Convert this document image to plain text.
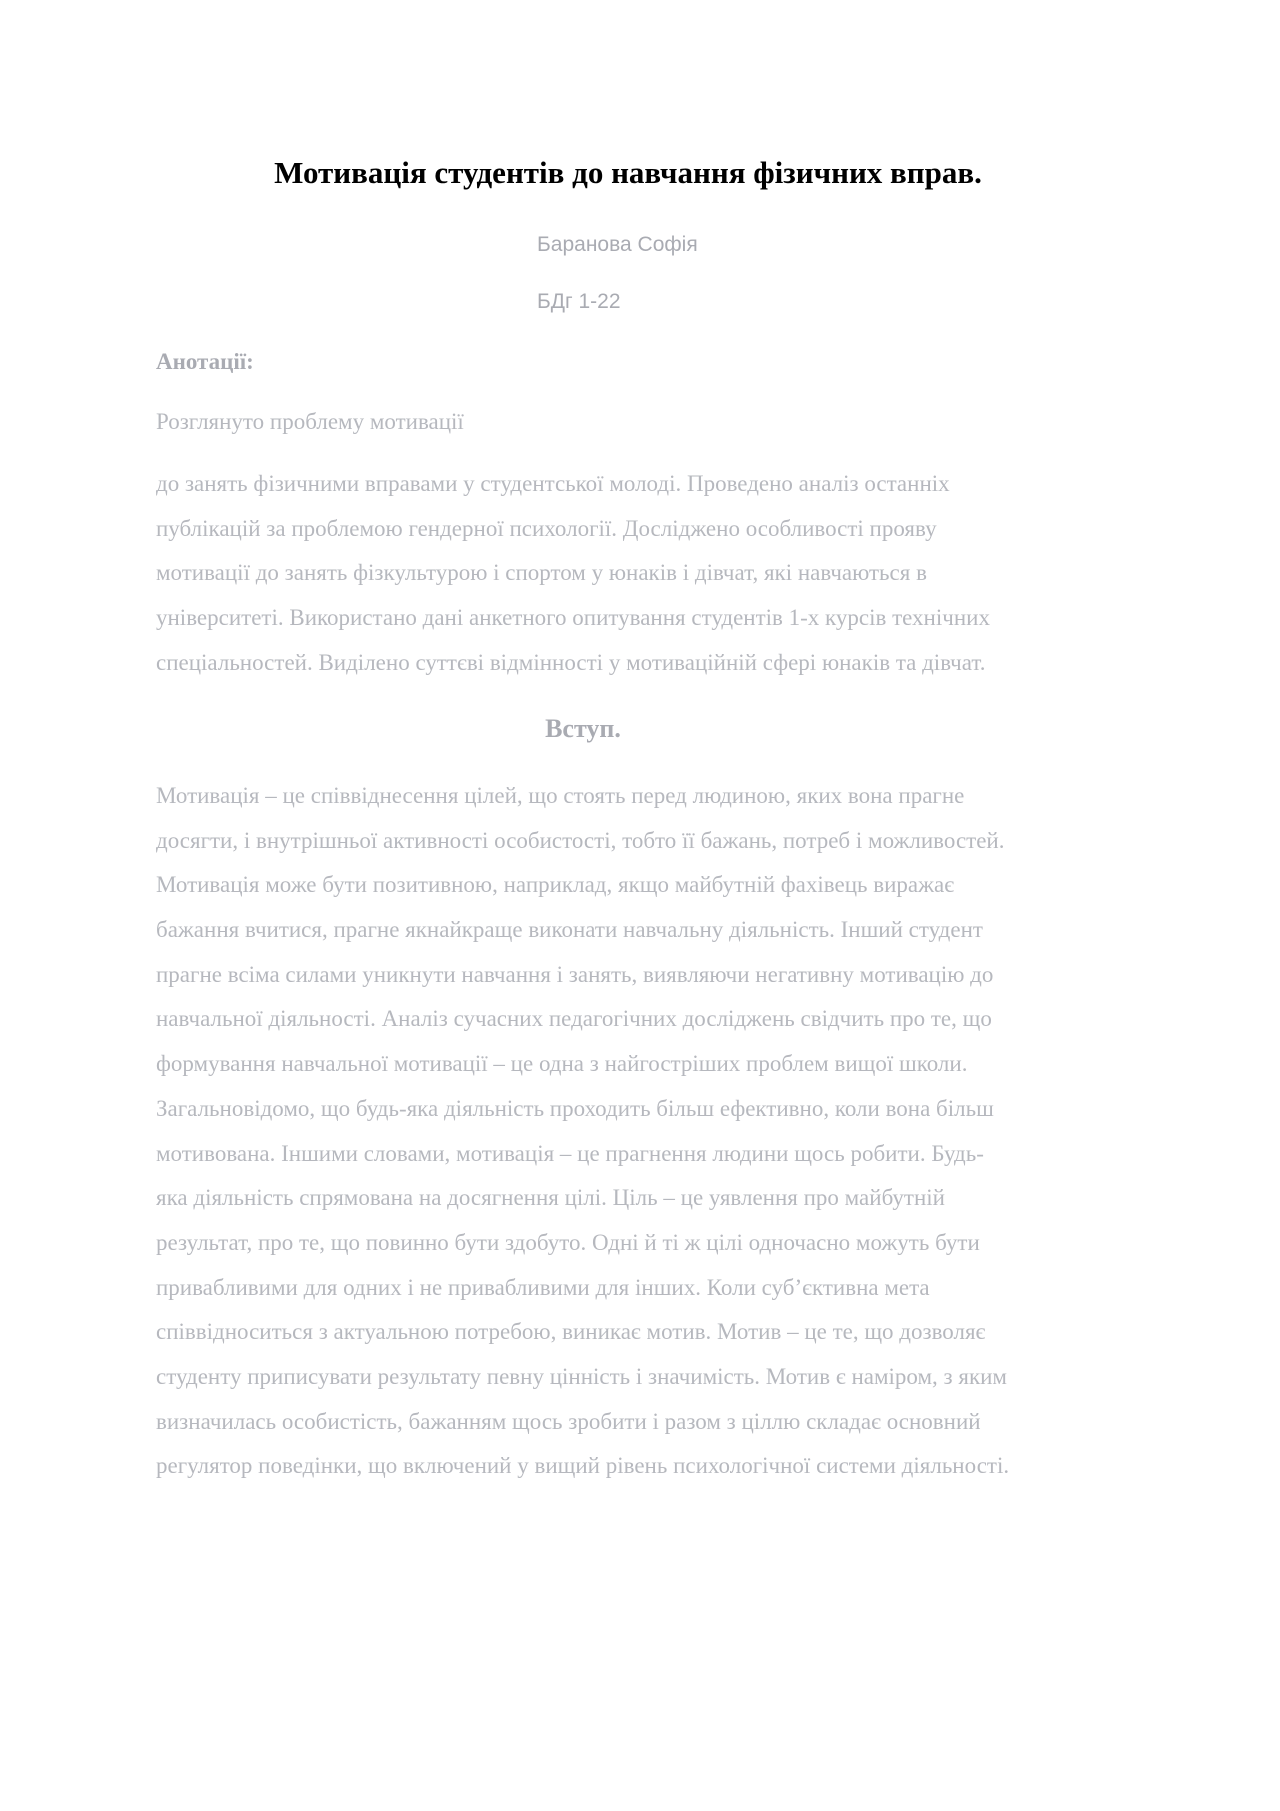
Мотивація студентів до навчання фізичних вправ.

Баранова Софія

БДг 1-22

Анотації:

Розглянуто проблему мотивації

до занять фізичними вправами у студентської молоді. Проведено аналіз останніх
публікацій за проблемою гендерної психології. Досліджено особливості прояву
мотивації до занять фізкультурою і спортом у юнаків і дівчат, які навчаються в
університеті. Використано дані анкетного опитування студентів 1-х курсів технічних
спеціальностей. Виділено суттєві відмінності у мотиваційній сфері юнаків та дівчат.
Вступ.
Мотивація – це співвіднесення цілей, що стоять перед людиною, яких вона прагне
досягти, і внутрішньої активності особистості, тобто її бажань, потреб і можливостей.
Мотивація може бути позитивною, наприклад, якщо майбутній фахівець виражає
бажання вчитися, прагне якнайкраще виконати навчальну діяльність. Інший студент
прагне всіма силами уникнути навчання і занять, виявляючи негативну мотивацію до
навчальної діяльності. Аналіз сучасних педагогічних досліджень свідчить про те, що
формування навчальної мотивації – це одна з найгостріших проблем вищої школи.
Загальновідомо, що будь-яка діяльність проходить більш ефективно, коли вона більш
мотивована. Іншими словами, мотивація – це прагнення людини щось робити. Будь-
яка діяльність спрямована на досягнення цілі. Ціль – це уявлення про майбутній
результат, про те, що повинно бути здобуто. Одні й ті ж цілі одночасно можуть бути
привабливими для одних і не привабливими для інших. Коли суб’єктивна мета
співвідноситься з актуальною потребою, виникає мотив. Мотив – це те, що дозволяє
студенту приписувати результату певну цінність і значимість. Мотив є наміром, з яким
визначилась особистість, бажанням щось зробити і разом з ціллю складає основний
регулятор поведінки, що включений у вищий рівень психологічної системи діяльності.
